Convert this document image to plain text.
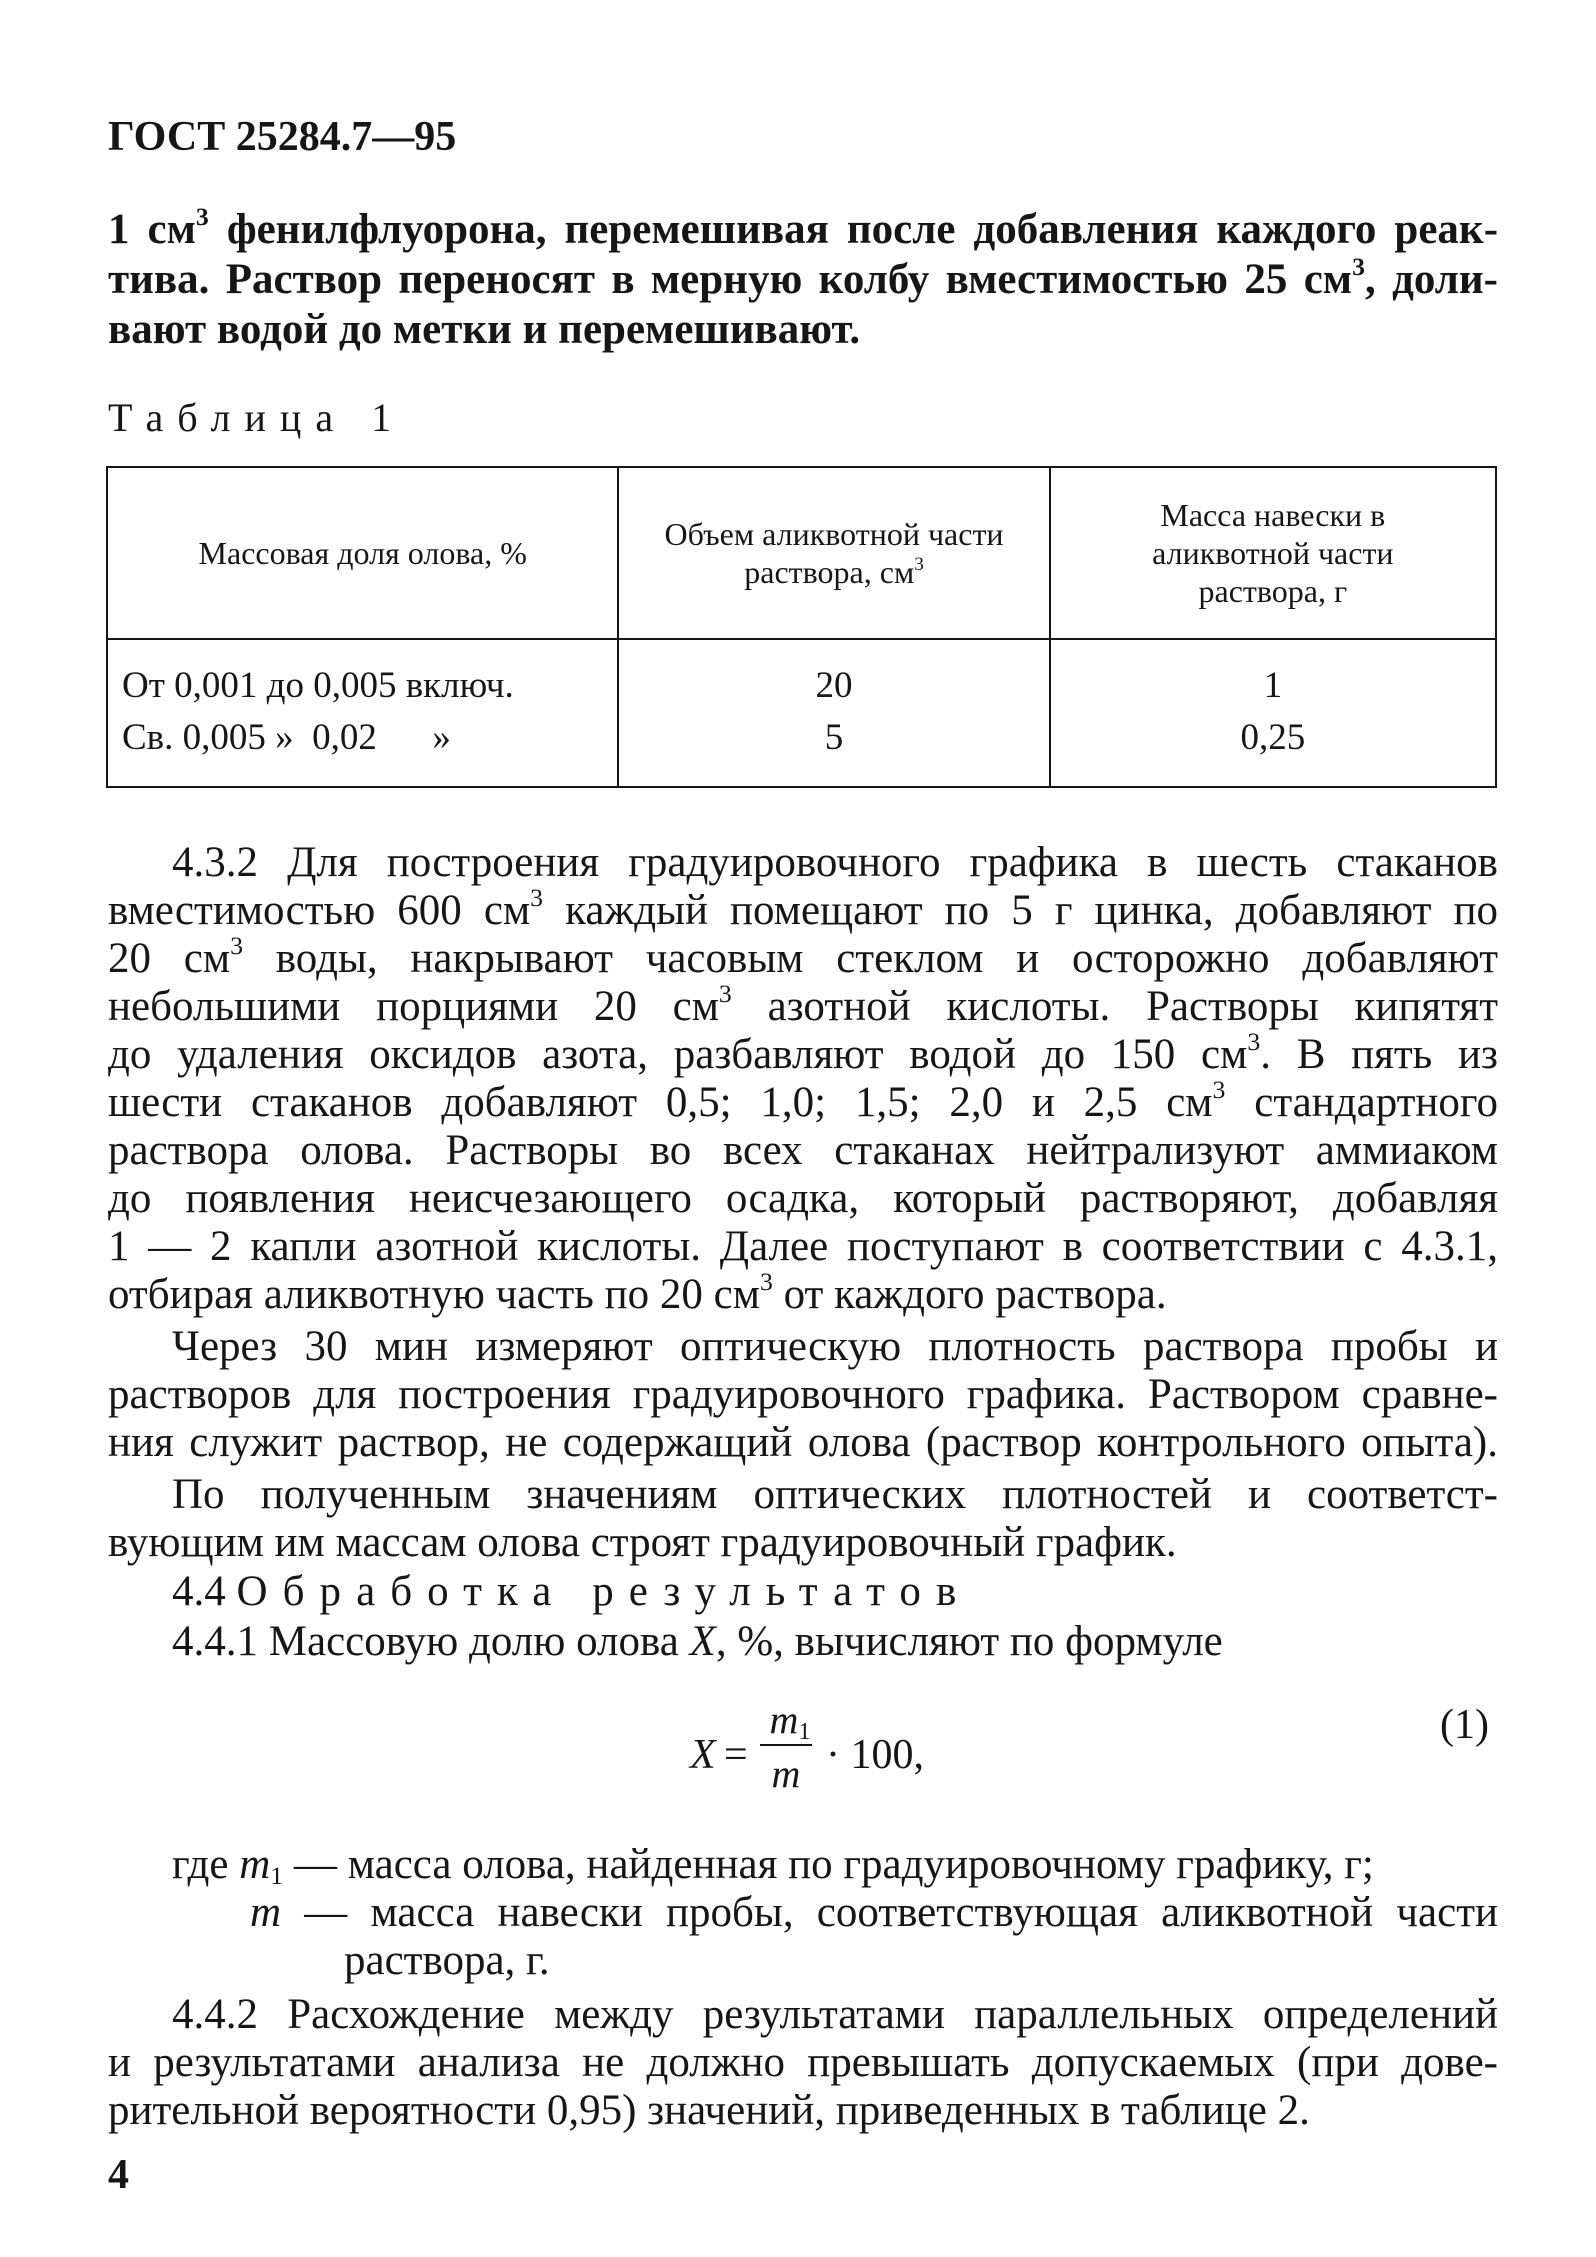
ГОСТ 25284.7—95
1 $см^3$ фенилфлуорона, перемешивая после добавления каждого реак-
тива. Раствор переносят в мерную колбу вместимостью 25 $см^3$, доли-
вают водой до метки и перемешивают.
Таблица 1
Массовая доля олова, %	Объем аликвотной части раствора, $см^3$	Масса навески в аликвотной части раствора, г
От 0,001 до 0,005 включ.	20	1
Св. 0,005 »  0,02      »	5	0,25
4.3.2 Для построения градуировочного графика в шесть стаканов
вместимостью 600 $см^3$ каждый помещают по 5 г цинка, добавляют по
20 $см^3$ воды, накрывают часовым стеклом и осторожно добавляют
небольшими порциями 20 $см^3$ азотной кислоты. Растворы кипятят
до удаления оксидов азота, разбавляют водой до 150 $см^3$. В пять из
шести стаканов добавляют 0,5; 1,0; 1,5; 2,0 и 2,5 $см^3$ стандартного
раствора олова. Растворы во всех стаканах нейтрализуют аммиаком
до появления неисчезающего осадка, который растворяют, добавляя
1 — 2 капли азотной кислоты. Далее поступают в соответствии с 4.3.1,
отбирая аликвотную часть по 20 $см^3$ от каждого раствора.
Через 30 мин измеряют оптическую плотность раствора пробы и
растворов для построения градуировочного графика. Раствором сравне-
ния служит раствор, не содержащий олова (раствор контрольного опыта).
По полученным значениям оптических плотностей и соответст-
вующим им массам олова строят градуировочный график.
4.4 Обработка результатов
4.4.1 Массовую долю олова X, %, вычисляют по формуле
X =
$m_1$
m · 100,
(1)
где $m_1$ — масса олова, найденная по градуировочному графику, г;
m — масса навески пробы, соответствующая аликвотной части
раствора, г.
4.4.2 Расхождение между результатами параллельных определений
и результатами анализа не должно превышать допускаемых (при дове-
рительной вероятности 0,95) значений, приведенных в таблице 2.
4
